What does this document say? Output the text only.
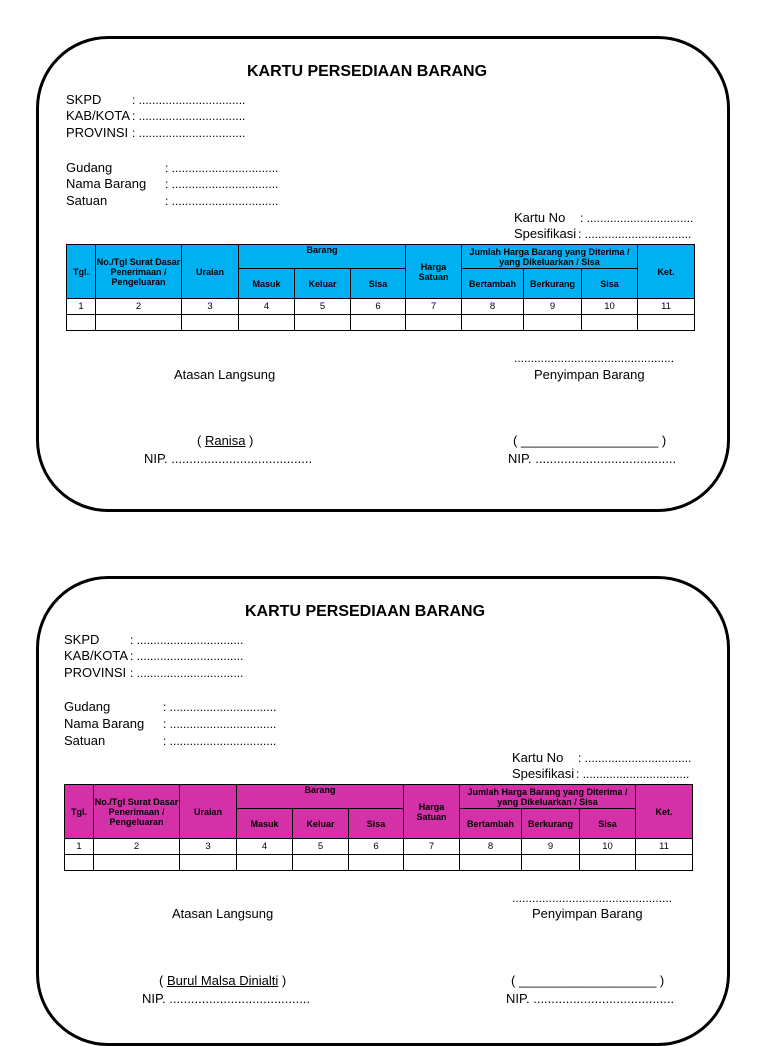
KARTU PERSEDIAAN BARANG
SKPD	: ................................
KAB/KOTA : ................................
PROVINSI : ................................
Gudang	: ................................
Nama Barang : ................................
Satuan	: ................................
Kartu No : ................................
Spesifikasi : ................................
Tgl.	No./Tgl Surat Dasar Penerimaan / Pengeluaran	Uraian	Barang			Harga Satuan	Jumlah Harga Barang yang Diterima / yang Dikeluarkan / Sisa			Ket.
			Masuk	Keluar	Sisa		Bertambah	Berkurang	Sisa	
1	2	3	4	5	6	7	8	9	10	11

................................................
Atasan Langsung	Penyimpan Barang
( Ranisa )	( ___________________ )
NIP. .......................................	NIP. .......................................
KARTU PERSEDIAAN BARANG
SKPD	: ................................
KAB/KOTA : ................................
PROVINSI : ................................
Gudang	: ................................
Nama Barang : ................................
Satuan	: ................................
Kartu No : ................................
Spesifikasi : ................................
Tgl.	No./Tgl Surat Dasar Penerimaan / Pengeluaran	Uraian	Barang			Harga Satuan	Jumlah Harga Barang yang Diterima / yang Dikeluarkan / Sisa			Ket.
			Masuk	Keluar	Sisa		Bertambah	Berkurang	Sisa	
1	2	3	4	5	6	7	8	9	10	11

................................................
Atasan Langsung	Penyimpan Barang
( Burul Malsa Dinialti )	( ___________________ )
NIP. .......................................	NIP. .......................................
